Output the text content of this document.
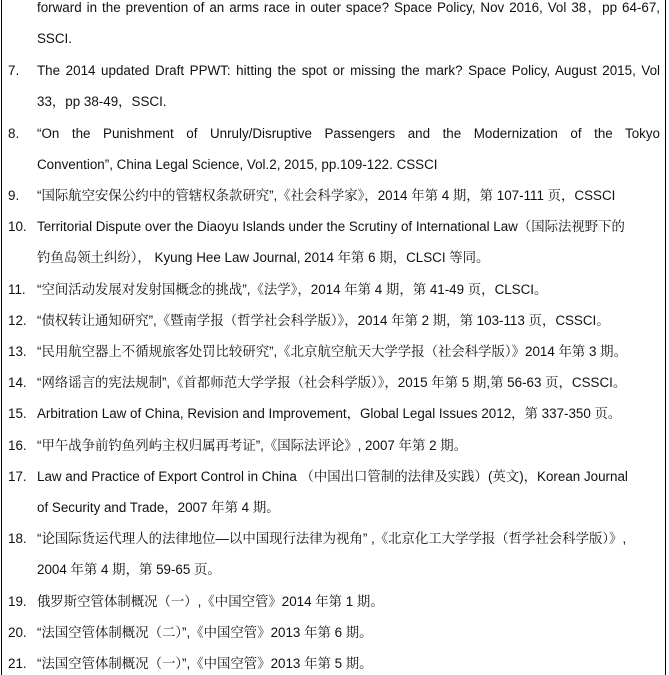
forward in the prevention of an arms race in outer space? Space Policy, Nov 2016, Vol 38，pp 64-67,
SSCI.
7. The 2014 updated Draft PPWT: hitting the spot or missing the mark? Space Policy, August 2015, Vol
33，pp 38-49，SSCI.
8. “On the Punishment of Unruly/Disruptive Passengers and the Modernization of the Tokyo
Convention”, China Legal Science, Vol.2, 2015, pp.109-122. CSSCI
9. “国际航空安保公约中的管辖权条款研究”,《社会科学家》，2014 年第 4 期，第 107-111 页，CSSCI
10. Territorial Dispute over the Diaoyu Islands under the Scrutiny of International Law（国际法视野下的
钓鱼岛领土纠纷）， Kyung Hee Law Journal, 2014 年第 6 期，CLSCI 等同。
11. “空间活动发展对发射国概念的挑战”,《法学》，2014 年第 4 期，第 41-49 页，CLSCI。
12. “债权转让通知研究”,《暨南学报（哲学社会科学版）》，2014 年第 2 期，第 103-113 页，CSSCI。
13. “民用航空器上不循规旅客处罚比较研究”,《北京航空航天大学学报（社会科学版）》2014 年第 3 期。
14. “网络谣言的宪法规制”,《首都师范大学学报（社会科学版）》，2015 年第 5 期,第 56-63 页，CSSCI。
15. Arbitration Law of China, Revision and Improvement，Global Legal Issues 2012，第 337-350 页。
16. “甲午战争前钓鱼列屿主权归属再考证”,《国际法评论》, 2007 年第 2 期。
17. Law and Practice of Export Control in China （中国出口管制的法律及实践）(英文)，Korean Journal
of Security and Trade，2007 年第 4 期。
18. “论国际货运代理人的法律地位—以中国现行法律为视角” ,《北京化工大学学报（哲学社会科学版）》,
2004 年第 4 期，第 59-65 页。
19. 俄罗斯空管体制概况（一）,《中国空管》2014 年第 1 期。
20. “法国空管体制概况（二）”,《中国空管》2013 年第 6 期。
21. “法国空管体制概况（一）”,《中国空管》2013 年第 5 期。
